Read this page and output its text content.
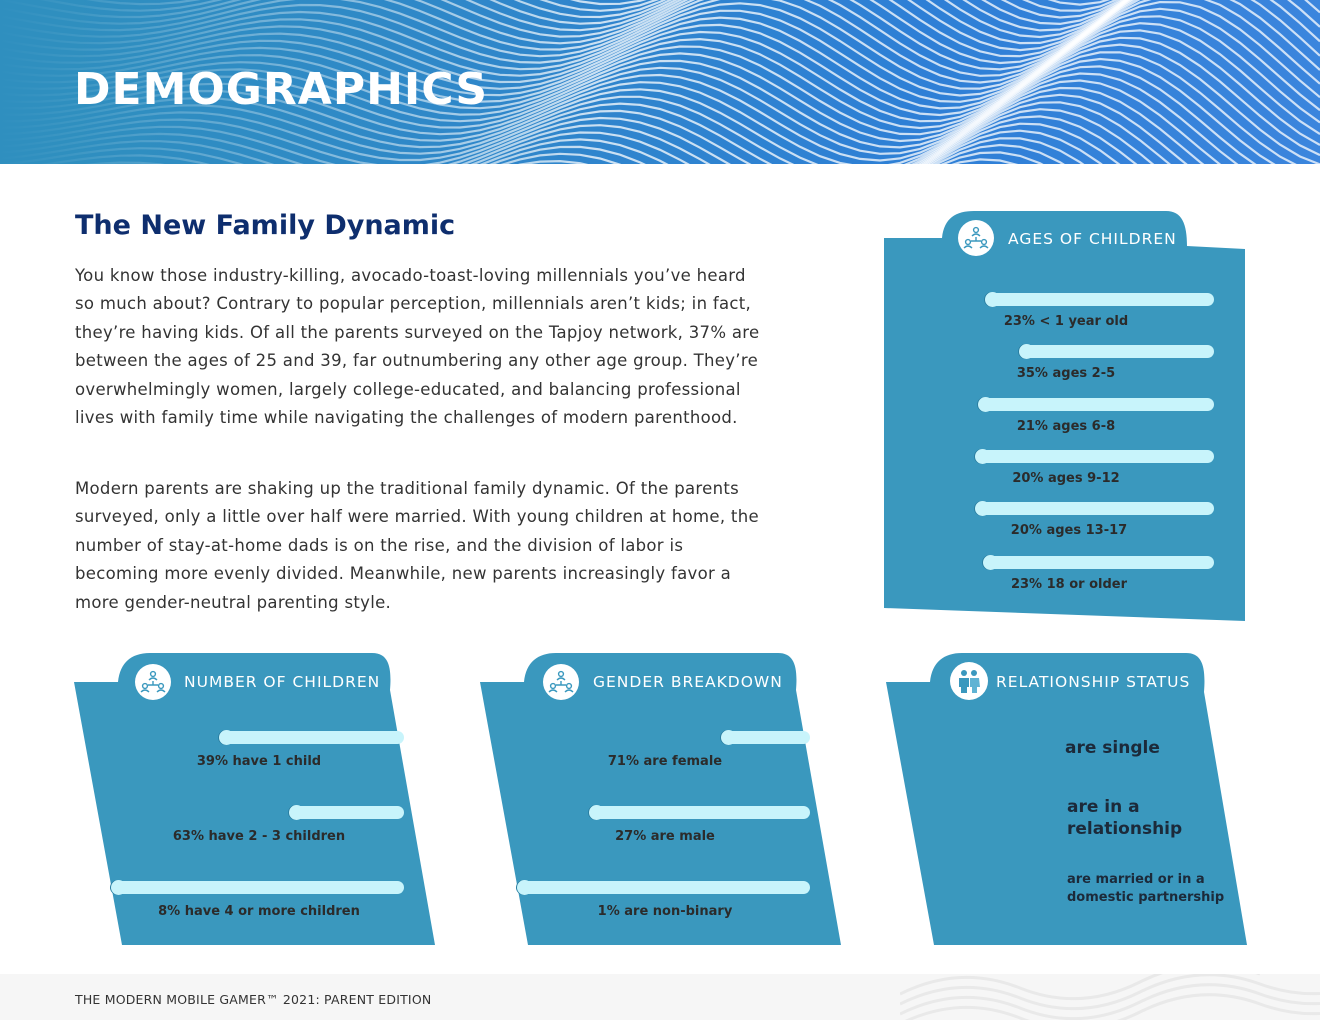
DEMOGRAPHICS
The New Family Dynamic

You know those industry-killing, avocado-toast-loving millennials you’ve heard so much about? Contrary to popular perception, millennials aren’t kids; in fact, they’re having kids. Of all the parents surveyed on the Tapjoy network, 37% are between the ages of 25 and 39, far outnumbering any other age group. They’re overwhelmingly women, largely college-educated, and balancing professional lives with family time while navigating the challenges of modern parenthood.

Modern parents are shaking up the traditional family dynamic. Of the parents surveyed, only a little over half were married. With young children at home, the number of stay-at-home dads is on the rise, and the division of labor is becoming more evenly divided. Meanwhile, new parents increasingly favor a more gender-neutral parenting style.

AGES OF CHILDREN
23% < 1 year old
35% ages 2-5
21% ages 6-8
20% ages 9-12
20% ages 13-17
23% 18 or older
NUMBER OF CHILDREN
39% have 1 child
63% have 2 - 3 children
8% have 4 or more children
GENDER BREAKDOWN
71% are female
27% are male
1% are non-binary
RELATIONSHIP STATUS
are single
are in a relationship
are married or in a domestic partnership

THE MODERN MOBILE GAMER™ 2021: PARENT EDITION
